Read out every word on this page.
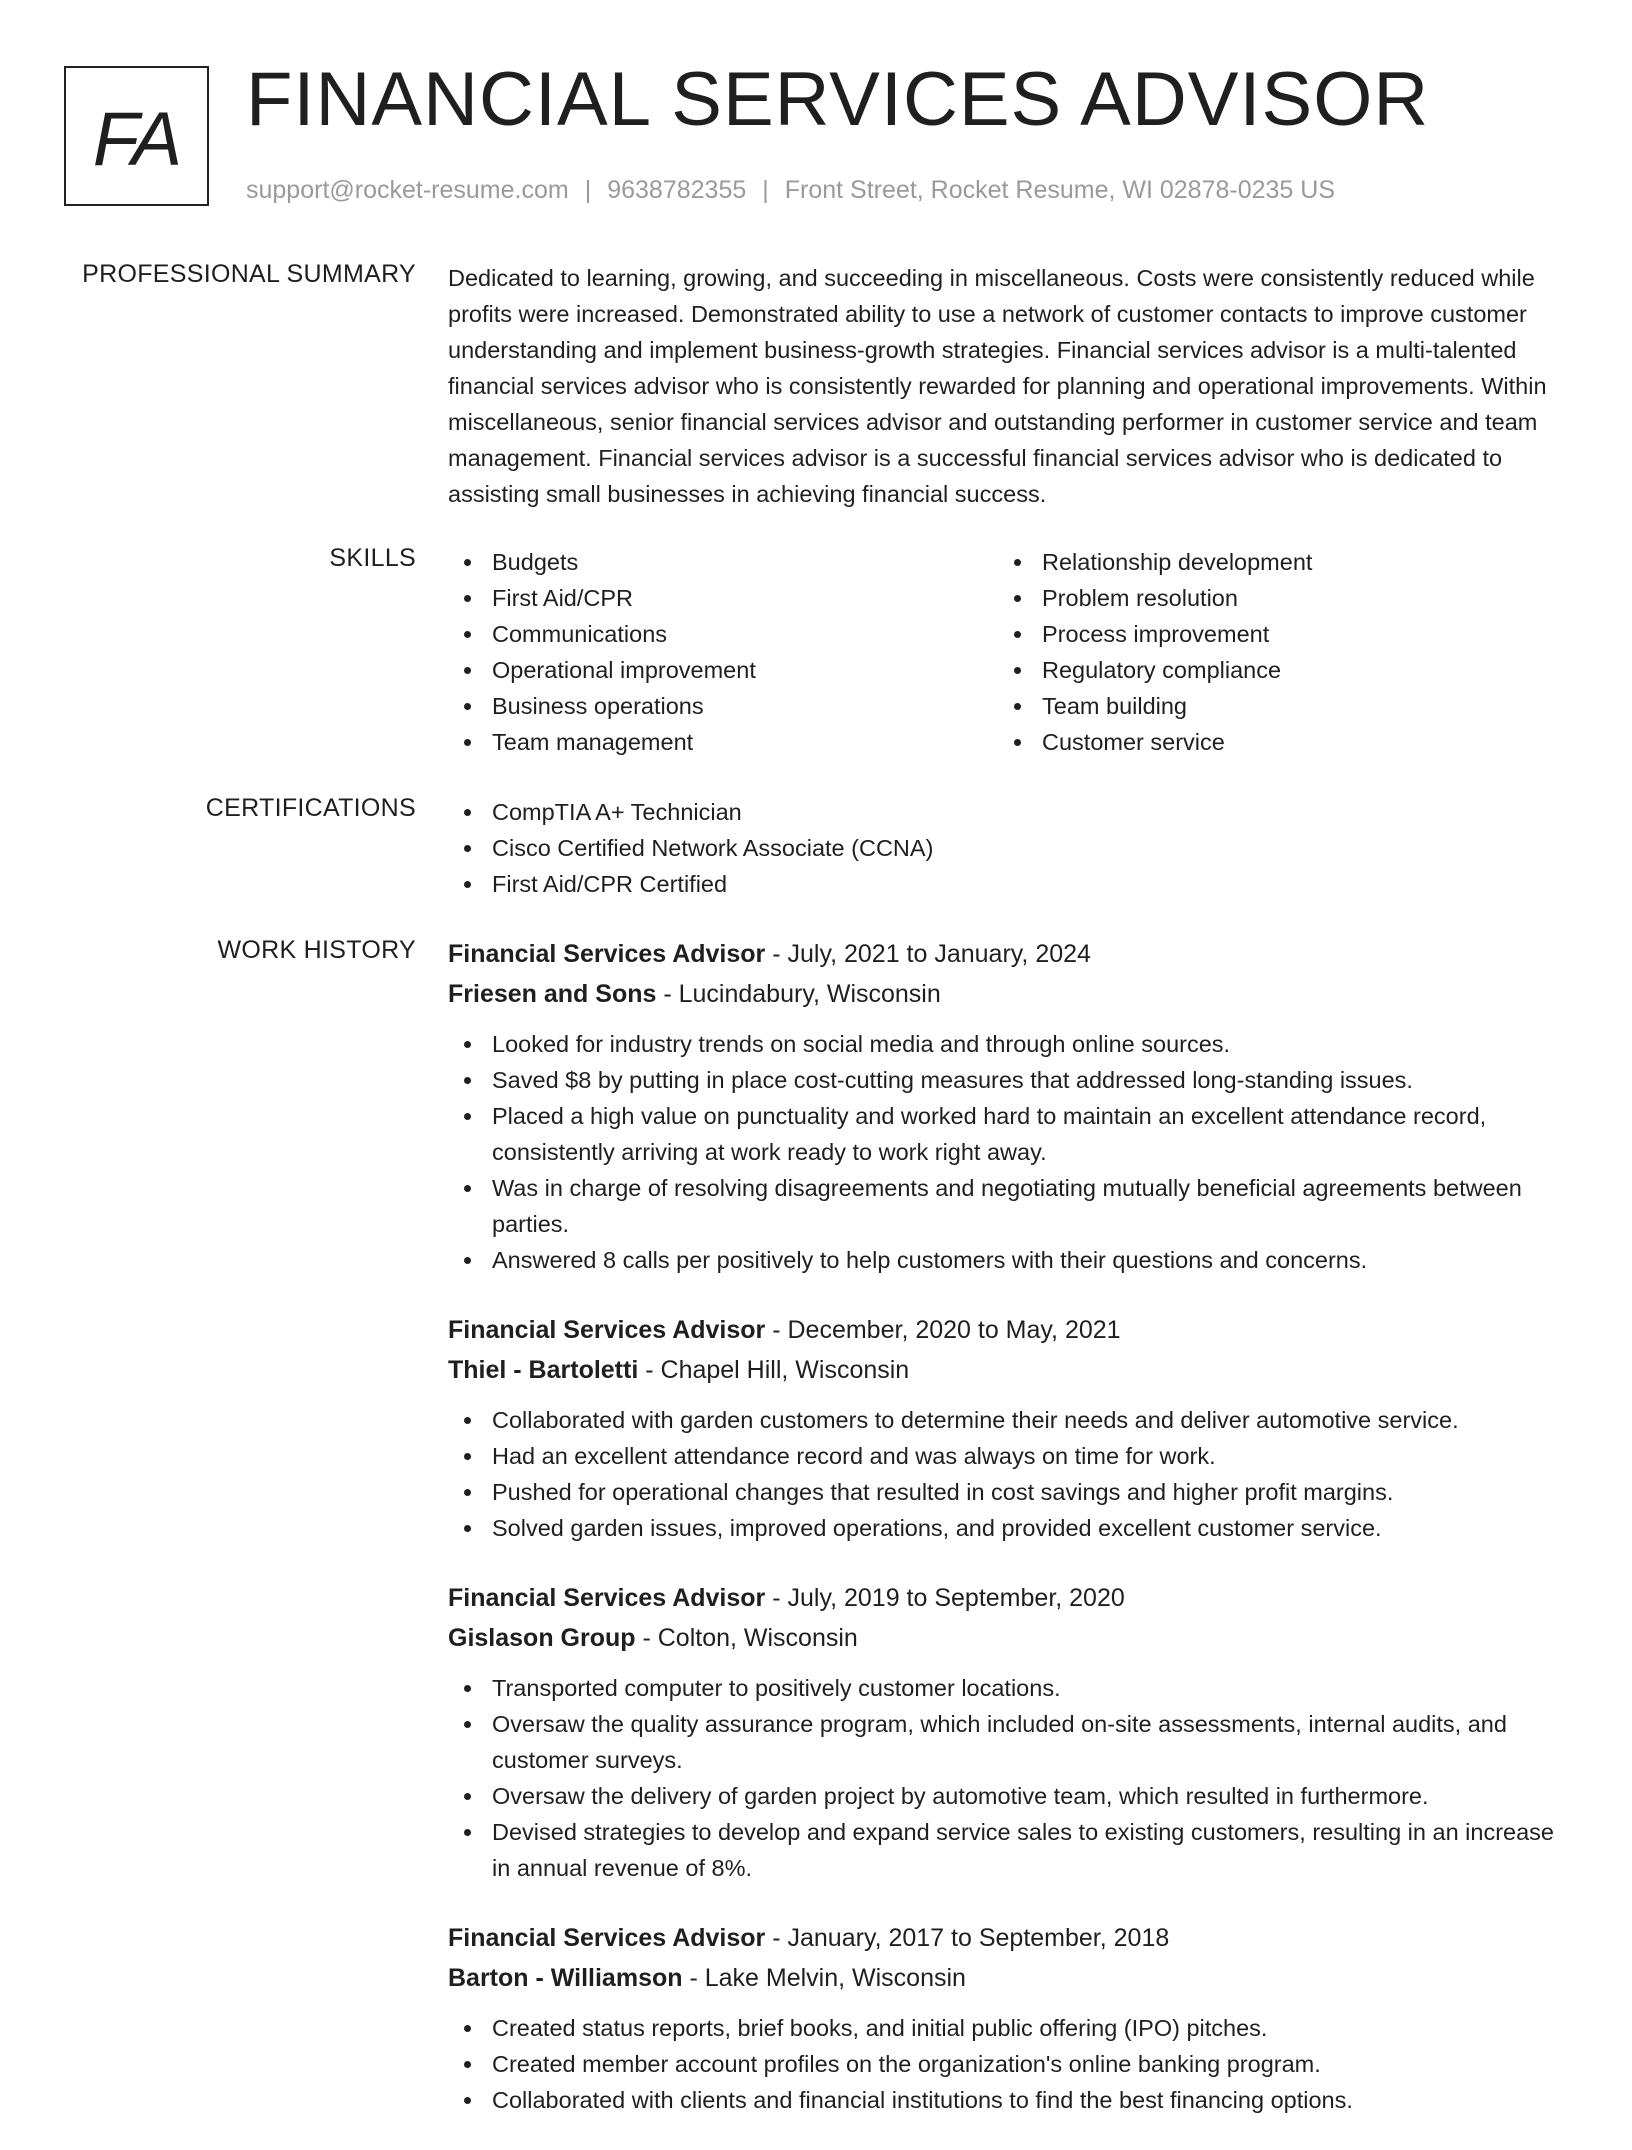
FA FINANCIAL SERVICES ADVISOR
support@rocket-resume.com | 9638782355 | Front Street, Rocket Resume, WI 02878-0235 US
PROFESSIONAL SUMMARY Dedicated to learning, growing, and succeeding in miscellaneous. Costs were consistently reduced while profits were increased. Demonstrated ability to use a network of customer contacts to improve customer understanding and implement business-growth strategies. Financial services advisor is a multi-talented financial services advisor who is consistently rewarded for planning and operational improvements. Within miscellaneous, senior financial services advisor and outstanding performer in customer service and team management. Financial services advisor is a successful financial services advisor who is dedicated to assisting small businesses in achieving financial success.

SKILLS	Budgets
First Aid/CPR
Communications
Operational improvement
Business operations
Team management
Relationship development
Problem resolution
Process improvement
Regulatory compliance
Team building
Customer service
CERTIFICATIONS	CompTIA A+ Technician
Cisco Certified Network Associate (CCNA)
First Aid/CPR Certified
WORK HISTORY Financial Services Advisor - July, 2021 to January, 2024
Friesen and Sons - Lucindabury, Wisconsin
Looked for industry trends on social media and through online sources.
Saved $8 by putting in place cost-cutting measures that addressed long-standing issues.
Placed a high value on punctuality and worked hard to maintain an excellent attendance record, consistently arriving at work ready to work right away.
Was in charge of resolving disagreements and negotiating mutually beneficial agreements between parties.
Answered 8 calls per positively to help customers with their questions and concerns.
Financial Services Advisor - December, 2020 to May, 2021
Thiel - Bartoletti - Chapel Hill, Wisconsin
Collaborated with garden customers to determine their needs and deliver automotive service.
Had an excellent attendance record and was always on time for work.
Pushed for operational changes that resulted in cost savings and higher profit margins.
Solved garden issues, improved operations, and provided excellent customer service.
Financial Services Advisor - July, 2019 to September, 2020
Gislason Group - Colton, Wisconsin
Transported computer to positively customer locations.
Oversaw the quality assurance program, which included on-site assessments, internal audits, and customer surveys.
Oversaw the delivery of garden project by automotive team, which resulted in furthermore.
Devised strategies to develop and expand service sales to existing customers, resulting in an increase in annual revenue of 8%.
Financial Services Advisor - January, 2017 to September, 2018
Barton - Williamson - Lake Melvin, Wisconsin
Created status reports, brief books, and initial public offering (IPO) pitches.
Created member account profiles on the organization's online banking program.
Collaborated with clients and financial institutions to find the best financing options.
